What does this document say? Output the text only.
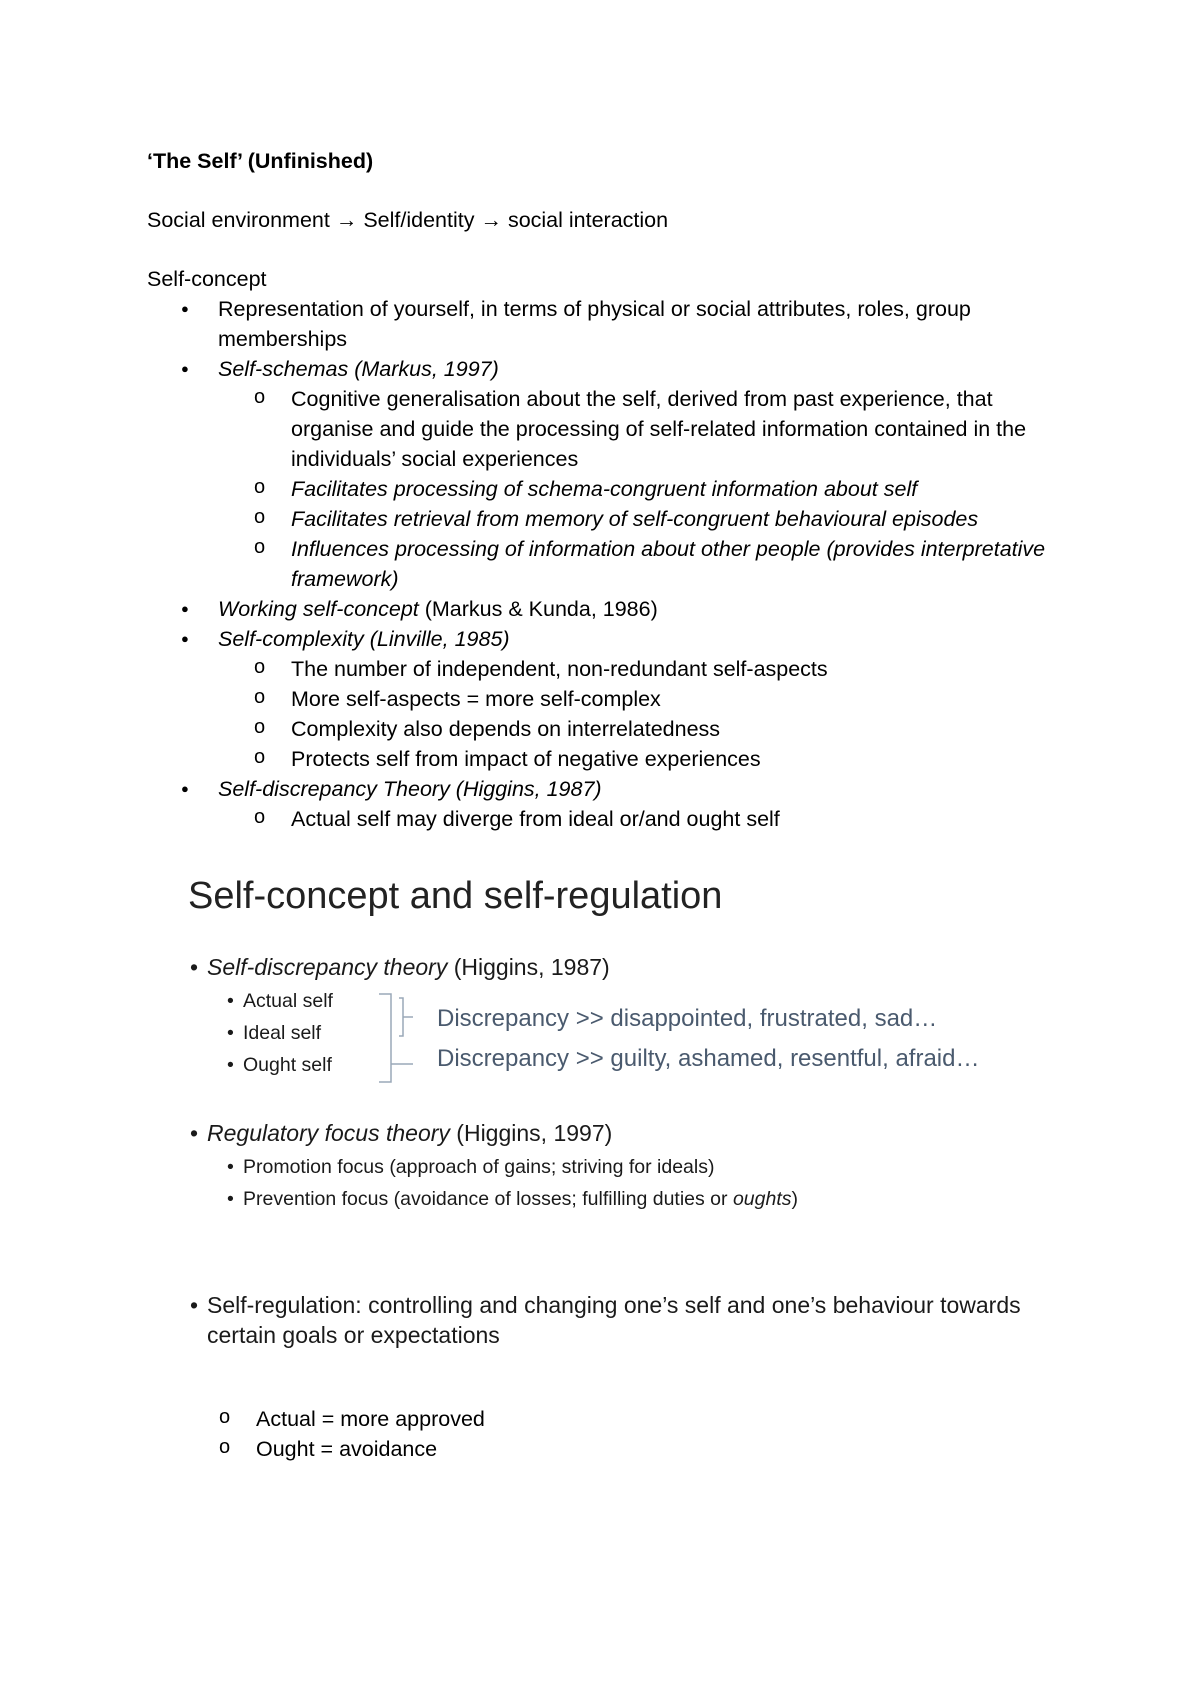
‘The Self’ (Unfinished)

Social environment → Self/identity → social interaction

Self-concept

● Representation of yourself, in terms of physical or social attributes, roles, group memberships
● Self-schemas (Markus, 1997)
o Cognitive generalisation about the self, derived from past experience, that organise and guide the processing of self-related information contained in the individuals’ social experiences
o Facilitates processing of schema-congruent information about self
o Facilitates retrieval from memory of self-congruent behavioural episodes
o Influences processing of information about other people (provides interpretative framework)
● Working self-concept (Markus & Kunda, 1986)
● Self-complexity (Linville, 1985)
o The number of independent, non-redundant self-aspects
o More self-aspects = more self-complex
o Complexity also depends on interrelatedness
o Protects self from impact of negative experiences
● Self-discrepancy Theory (Higgins, 1987)
o Actual self may diverge from ideal or/and ought self
Self-concept and self-regulation
• Self-discrepancy theory (Higgins, 1987)
• Actual self
• Ideal self
• Ought self
Discrepancy >> disappointed, frustrated, sad…
Discrepancy >> guilty, ashamed, resentful, afraid…
• Regulatory focus theory (Higgins, 1997)
• Promotion focus (approach of gains; striving for ideals)
• Prevention focus (avoidance of losses; fulfilling duties or oughts)
• Self-regulation: controlling and changing one’s self and one’s behaviour towards certain goals or expectations
o Actual = more approved
o Ought = avoidance
